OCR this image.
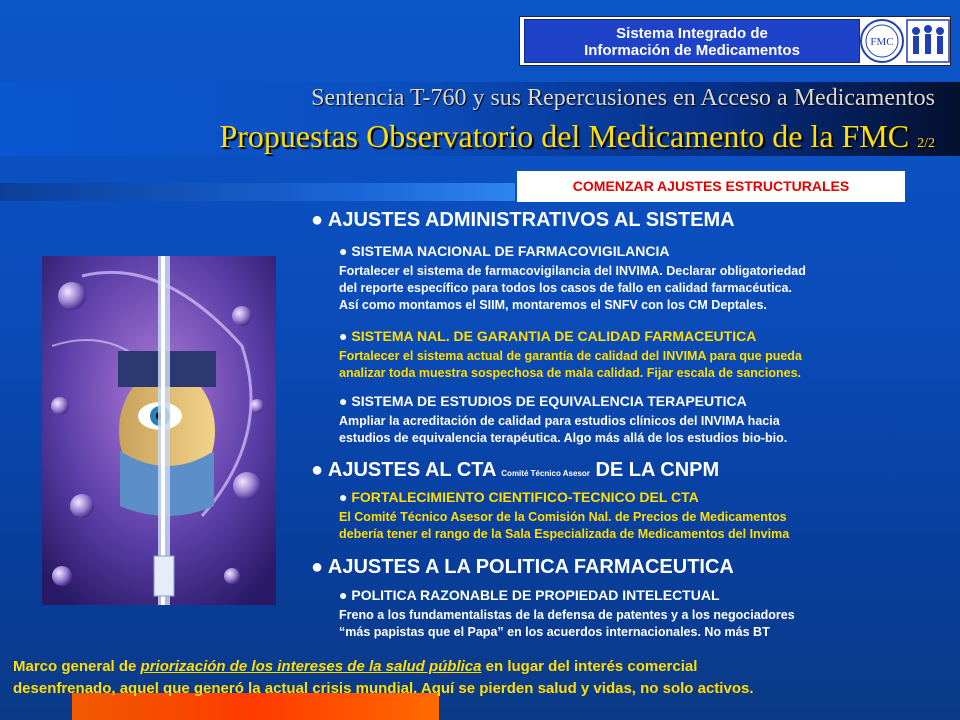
Sistema Integrado de
Información de Medicamentos	FMC
Sentencia T-760 y sus Repercusiones en Acceso a Medicamentos
Propuestas Observatorio del Medicamento de la FMC 2/2
COMENZAR AJUSTES ESTRUCTURALES
● AJUSTES ADMINISTRATIVOS AL SISTEMA
● SISTEMA NACIONAL DE FARMACOVIGILANCIA
Fortalecer el sistema de farmacovigilancia del INVIMA. Declarar obligatoriedad
del reporte específico para todos los casos de fallo en calidad farmacéutica.
Así como montamos el SIIM, montaremos el SNFV con los CM Deptales.
● SISTEMA NAL. DE GARANTIA DE CALIDAD FARMACEUTICA
Fortalecer el sistema actual de garantía de calidad del INVIMA para que pueda
analizar toda muestra sospechosa de mala calidad. Fijar escala de sanciones.
● SISTEMA DE ESTUDIOS DE EQUIVALENCIA TERAPEUTICA
Ampliar la acreditación de calidad para estudios clínicos del INVIMA hacia
estudios de equivalencia terapéutica. Algo más allá de los estudios bio-bio.
● AJUSTES AL CTA Comité Técnico Asesor DE LA CNPM
● FORTALECIMIENTO CIENTIFICO-TECNICO DEL CTA
El Comité Técnico Asesor de la Comisión Nal. de Precios de Medicamentos
debería tener el rango de la Sala Especializada de Medicamentos del Invima
● AJUSTES A LA POLITICA FARMACEUTICA
● POLITICA RAZONABLE DE PROPIEDAD INTELECTUAL
Freno a los fundamentalistas de la defensa de patentes y a los negociadores
“más papistas que el Papa” en los acuerdos internacionales. No más BT
Marco general de priorización de los intereses de la salud pública en lugar del interés comercial
desenfrenado, aquel que generó la actual crisis mundial. Aquí se pierden salud y vidas, no solo activos.
